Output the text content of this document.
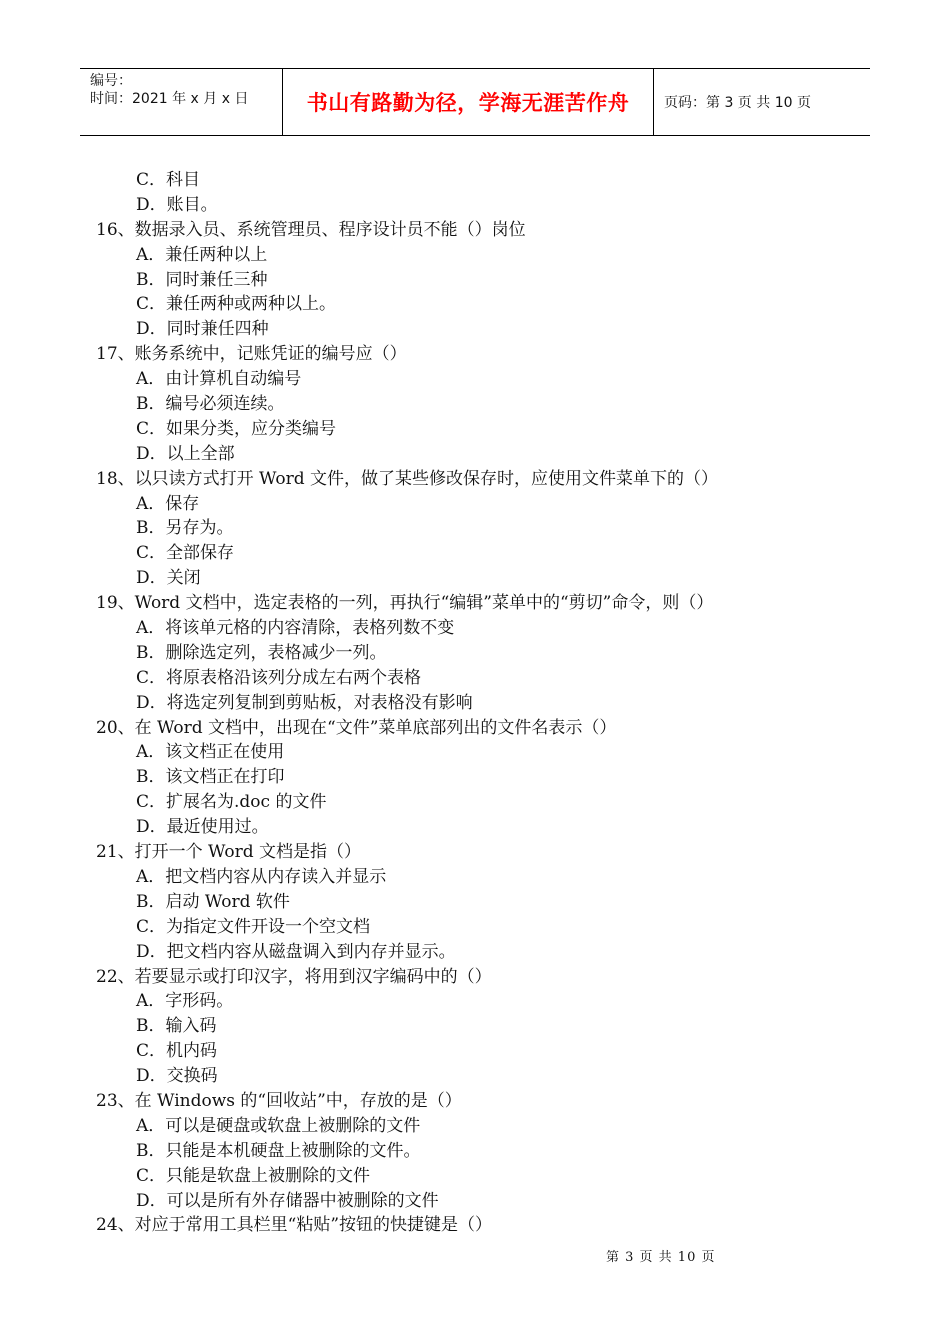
编号：
时间：2021 年 x 月 x 日	书山有路勤为径，学海无涯苦作舟	页码：第 3 页 共 10 页
C．科目
D．账目。
16、数据录入员、系统管理员、程序设计员不能（）岗位
A．兼任两种以上
B．同时兼任三种
C．兼任两种或两种以上。
D．同时兼任四种
17、账务系统中，记账凭证的编号应（）
A．由计算机自动编号
B．编号必须连续。
C．如果分类，应分类编号
D．以上全部
18、以只读方式打开 Word 文件，做了某些修改保存时，应使用文件菜单下的（）
A．保存
B．另存为。
C．全部保存
D．关闭
19、Word 文档中，选定表格的一列，再执行“编辑”菜单中的“剪切”命令，则（）
A．将该单元格的内容清除，表格列数不变
B．删除选定列，表格减少一列。
C．将原表格沿该列分成左右两个表格
D．将选定列复制到剪贴板，对表格没有影响
20、在 Word 文档中，出现在“文件”菜单底部列出的文件名表示（）
A．该文档正在使用
B．该文档正在打印
C．扩展名为.doc 的文件
D．最近使用过。
21、打开一个 Word 文档是指（）
A．把文档内容从内存读入并显示
B．启动 Word 软件
C．为指定文件开设一个空文档
D．把文档内容从磁盘调入到内存并显示。
22、若要显示或打印汉字，将用到汉字编码中的（）
A．字形码。
B．输入码
C．机内码
D．交换码
23、在 Windows 的“回收站”中，存放的是（）
A．可以是硬盘或软盘上被删除的文件
B．只能是本机硬盘上被删除的文件。
C．只能是软盘上被删除的文件
D．可以是所有外存储器中被删除的文件
24、对应于常用工具栏里“粘贴”按钮的快捷键是（）
第 3 页 共 10 页
